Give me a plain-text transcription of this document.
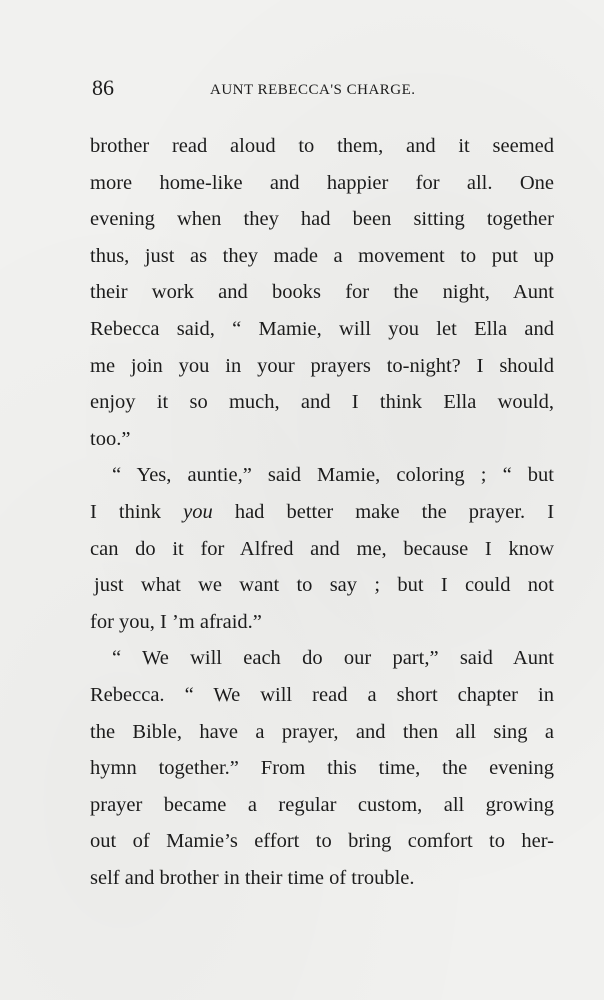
86	AUNT REBECCA'S CHARGE.
brother read aloud to them, and it seemed
more home-like and happier for all. One
evening when they had been sitting together
thus, just as they made a movement to put up
their work and books for the night, Aunt
Rebecca said, “ Mamie, will you let Ella and
me join you in your prayers to-night? I should
enjoy it so much, and I think Ella would,
too.”
“ Yes, auntie,” said Mamie, coloring ; “ but
I think you had better make the prayer. I
can do it for Alfred and me, because I know
just what we want to say ; but I could not
for you, I ’m afraid.”
“ We will each do our part,” said Aunt
Rebecca. “ We will read a short chapter in
the Bible, have a prayer, and then all sing a
hymn together.” From this time, the evening
prayer became a regular custom, all growing
out of Mamie’s effort to bring comfort to her-
self and brother in their time of trouble.
